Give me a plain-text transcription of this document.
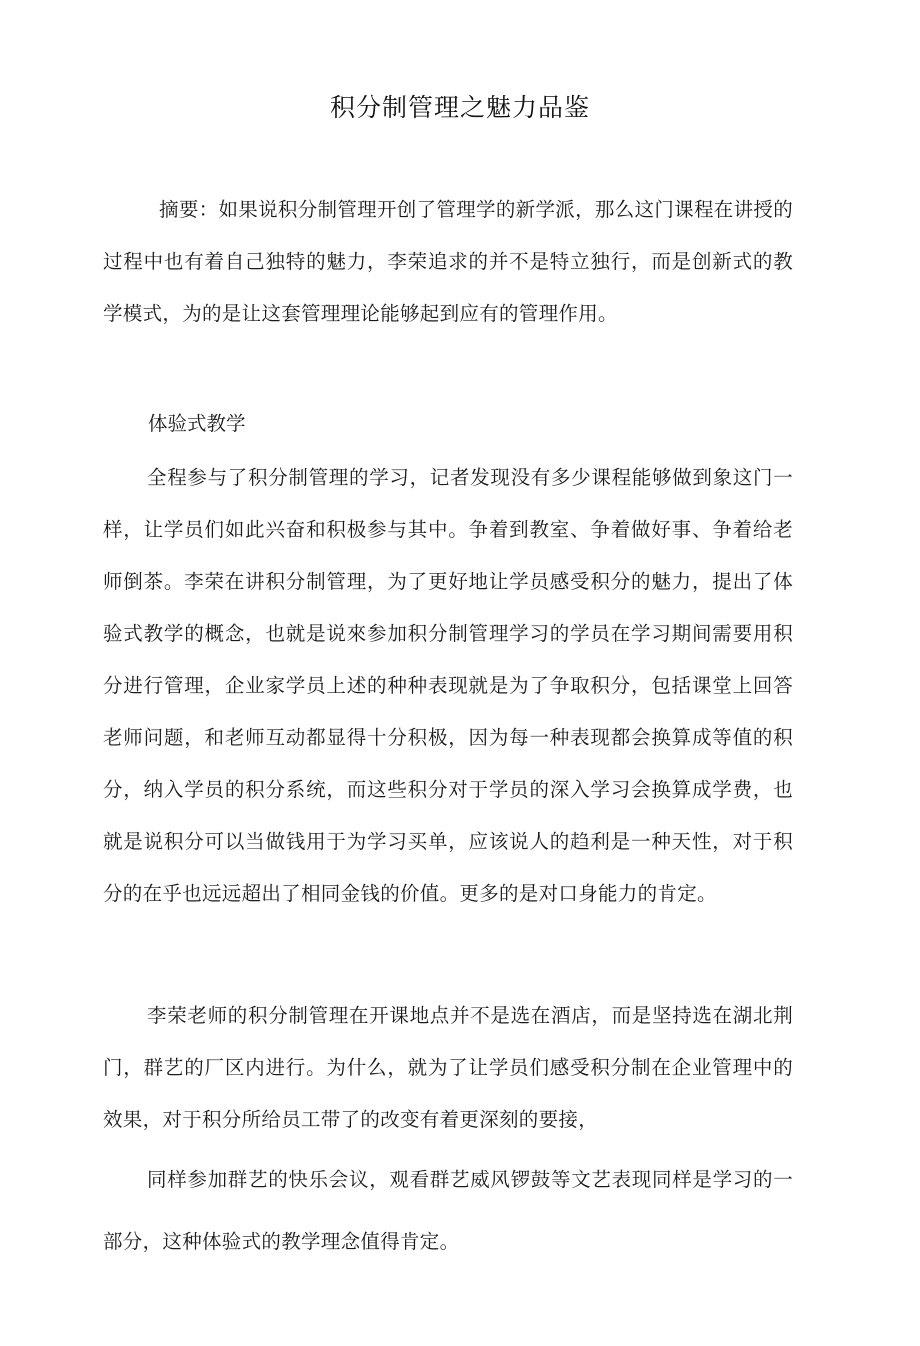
积分制管理之魅力品鉴
摘要：如果说积分制管理开创了管理学的新学派，那么这门课程在讲授的过程中也有着自己独特的魅力，李荣追求的并不是特立独行，而是创新式的教学模式，为的是让这套管理理论能够起到应有的管理作用。
体验式教学
全程参与了积分制管理的学习，记者发现没有多少课程能够做到象这门一样，让学员们如此兴奋和积极参与其中。争着到教室、争着做好事、争着给老师倒茶。李荣在讲积分制管理，为了更好地让学员感受积分的魅力，提出了体验式教学的概念，也就是说來参加积分制管理学习的学员在学习期间需要用积分进行管理，企业家学员上述的种种表现就是为了争取积分，包括课堂上回答老师问题，和老师互动都显得十分积极，因为每一种表现都会换算成等值的积分，纳入学员的积分系统，而这些积分对于学员的深入学习会换算成学费，也就是说积分可以当做钱用于为学习买单，应该说人的趋利是一种天性，对于积分的在乎也远远超出了相同金钱的价值。更多的是对口身能力的肯定。
李荣老师的积分制管理在开课地点并不是选在酒店，而是坚持选在湖北荆门，群艺的厂区内进行。为什么，就为了让学员们感受积分制在企业管理中的效果，对于积分所给员工带了的改变有着更深刻的要接，
同样参加群艺的快乐会议，观看群艺威风锣鼓等文艺表现同样是学习的一部分，这种体验式的教学理念值得肯定。
